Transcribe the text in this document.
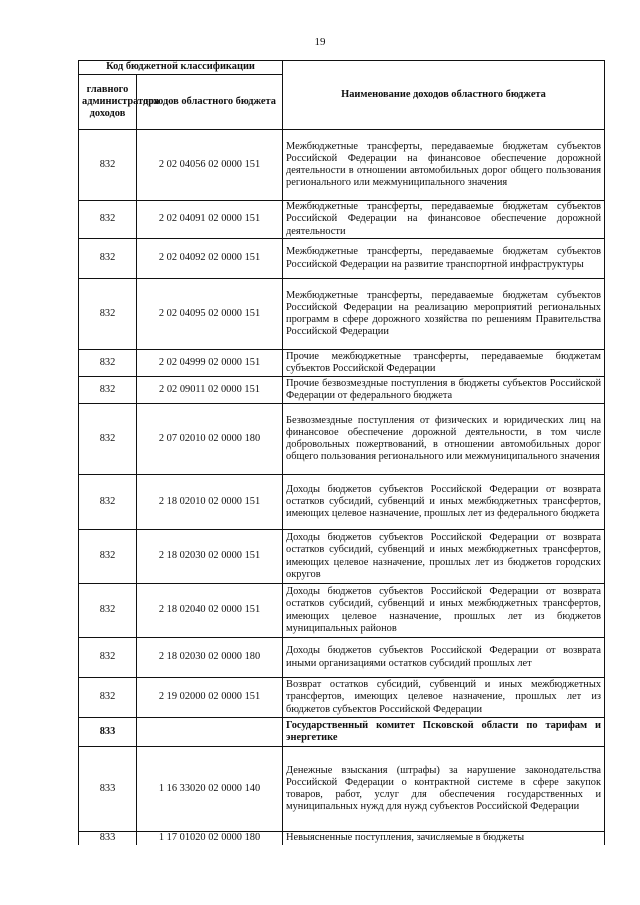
19
Код бюджетной классификации		Наименование доходов областного бюджета
главного администратора доходов	доходов областного бюджета	
832	2 02 04056 02 0000 151	Межбюджетные трансферты, передаваемые бюджетам субъектов Российской Федерации на финансовое обеспечение дорожной деятельности в отношении автомобильных дорог общего пользования регионального или межмуниципального значения
832	2 02 04091 02 0000 151	Межбюджетные трансферты, передаваемые бюджетам субъектов Российской Федерации на финансовое обеспечение дорожной деятельности
832	2 02 04092 02 0000 151	Межбюджетные трансферты, передаваемые бюджетам субъектов Российской Федерации на развитие транспортной инфраструктуры
832	2 02 04095 02 0000 151	Межбюджетные трансферты, передаваемые бюджетам субъектов Российской Федерации на реализацию мероприятий региональных программ в сфере дорожного хозяйства по решениям Правительства Российской Федерации
832	2 02 04999 02 0000 151	Прочие межбюджетные трансферты, передаваемые бюджетам субъектов Российской Федерации
832	2 02 09011 02 0000 151	Прочие безвозмездные поступления в бюджеты субъектов Российской Федерации от федерального бюджета
832	2 07 02010 02 0000 180	Безвозмездные поступления от физических и юридических лиц на финансовое обеспечение дорожной деятельности, в том числе добровольных пожертвований, в отношении автомобильных дорог общего пользования регионального или межмуниципального значения
832	2 18 02010 02 0000 151	Доходы бюджетов субъектов Российской Федерации от возврата остатков субсидий, субвенций и иных межбюджетных трансфертов, имеющих целевое назначение, прошлых лет из федерального бюджета
832	2 18 02030 02 0000 151	Доходы бюджетов субъектов Российской Федерации от возврата остатков субсидий, субвенций и иных межбюджетных трансфертов, имеющих целевое назначение, прошлых лет из бюджетов городских округов
832	2 18 02040 02 0000 151	Доходы бюджетов субъектов Российской Федерации от возврата остатков субсидий, субвенций и иных межбюджетных трансфертов, имеющих целевое назначение, прошлых лет из бюджетов муниципальных районов
832	2 18 02030 02 0000 180	Доходы бюджетов субъектов Российской Федерации от возврата иными организациями остатков субсидий прошлых лет
832	2 19 02000 02 0000 151	Возврат остатков субсидий, субвенций и иных межбюджетных трансфертов, имеющих целевое назначение, прошлых лет из бюджетов субъектов Российской Федерации
833		Государственный комитет Псковской области по тарифам и энергетике
833	1 16 33020 02 0000 140	Денежные взыскания (штрафы) за нарушение законодательства Российской Федерации о контрактной системе в сфере закупок товаров, работ, услуг для обеспечения государственных и муниципальных нужд для нужд субъектов Российской Федерации
833	1 17 01020 02 0000 180	Невыясненные поступления, зачисляемые в бюджеты
